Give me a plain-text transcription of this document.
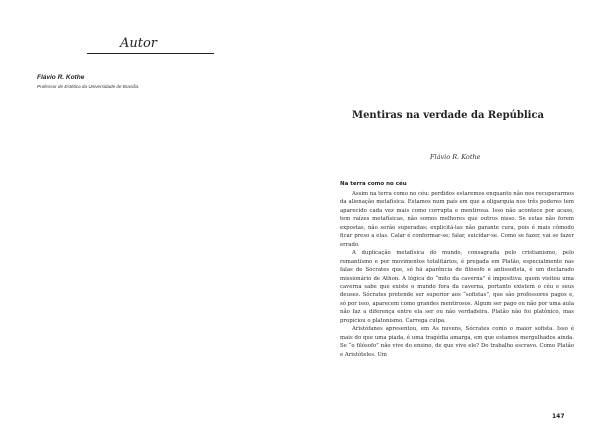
Autor
Flávio R. Kothe
Professor de Estética da Universidade de Brasília.
Mentiras na verdade da República
Flávio R. Kothe
Na terra como no céu

Assim na terra como no céu: perdidos estaremos enquanto não nos recuperarmos da alienação metafísica. Estamos num país em que a oligarquia nos três poderes tem aparecido cada vez mais como corrupta e mentirosa. Isso não acontece por acaso, tem raízes metafísicas, não somos melhores que outros nisso. Se estas não forem expostas, não serão superadas; explicitá-las não garante cura, pois é mais cômodo ficar preso a elas. Calar é conformar-se; falar, suicidar-se. Como se fazer, vai se fazer errado.

A duplicação metafísica do mundo, consagrada pelo cristianismo, pelo romantismo e por movimentos totalitários, é pregada em Platão, especialmente nas falas de Sócrates que, só há aparência de filósofo e antissofista, é um declarado missionário de Athon. A lógica do “mito da caverna” é impositiva: quem visitou uma caverna sabe que existe o mundo fora da caverna, portanto existem o céu e seus deuses. Sócrates pretende ser superior aos “sofistas”, que são professores pagos e, só por isso, aparecem como grandes mentirosos. Algum ser pago ou não por uma aula não faz a diferença entre ela ser ou não verdadeira. Platão não foi platônico, mas propiciou o platonismo. Carrega culpa.

Aristófanes apresentou, em As nuvens, Sócrates como o maior sofista. Isso é mais do que uma piada, é uma tragédia amarga, em que estamos mergulhados ainda. Se “o filósofo” não vive do ensino, de que vive ele? Do trabalho escravo. Como Platão e Aristóteles. Um

147
